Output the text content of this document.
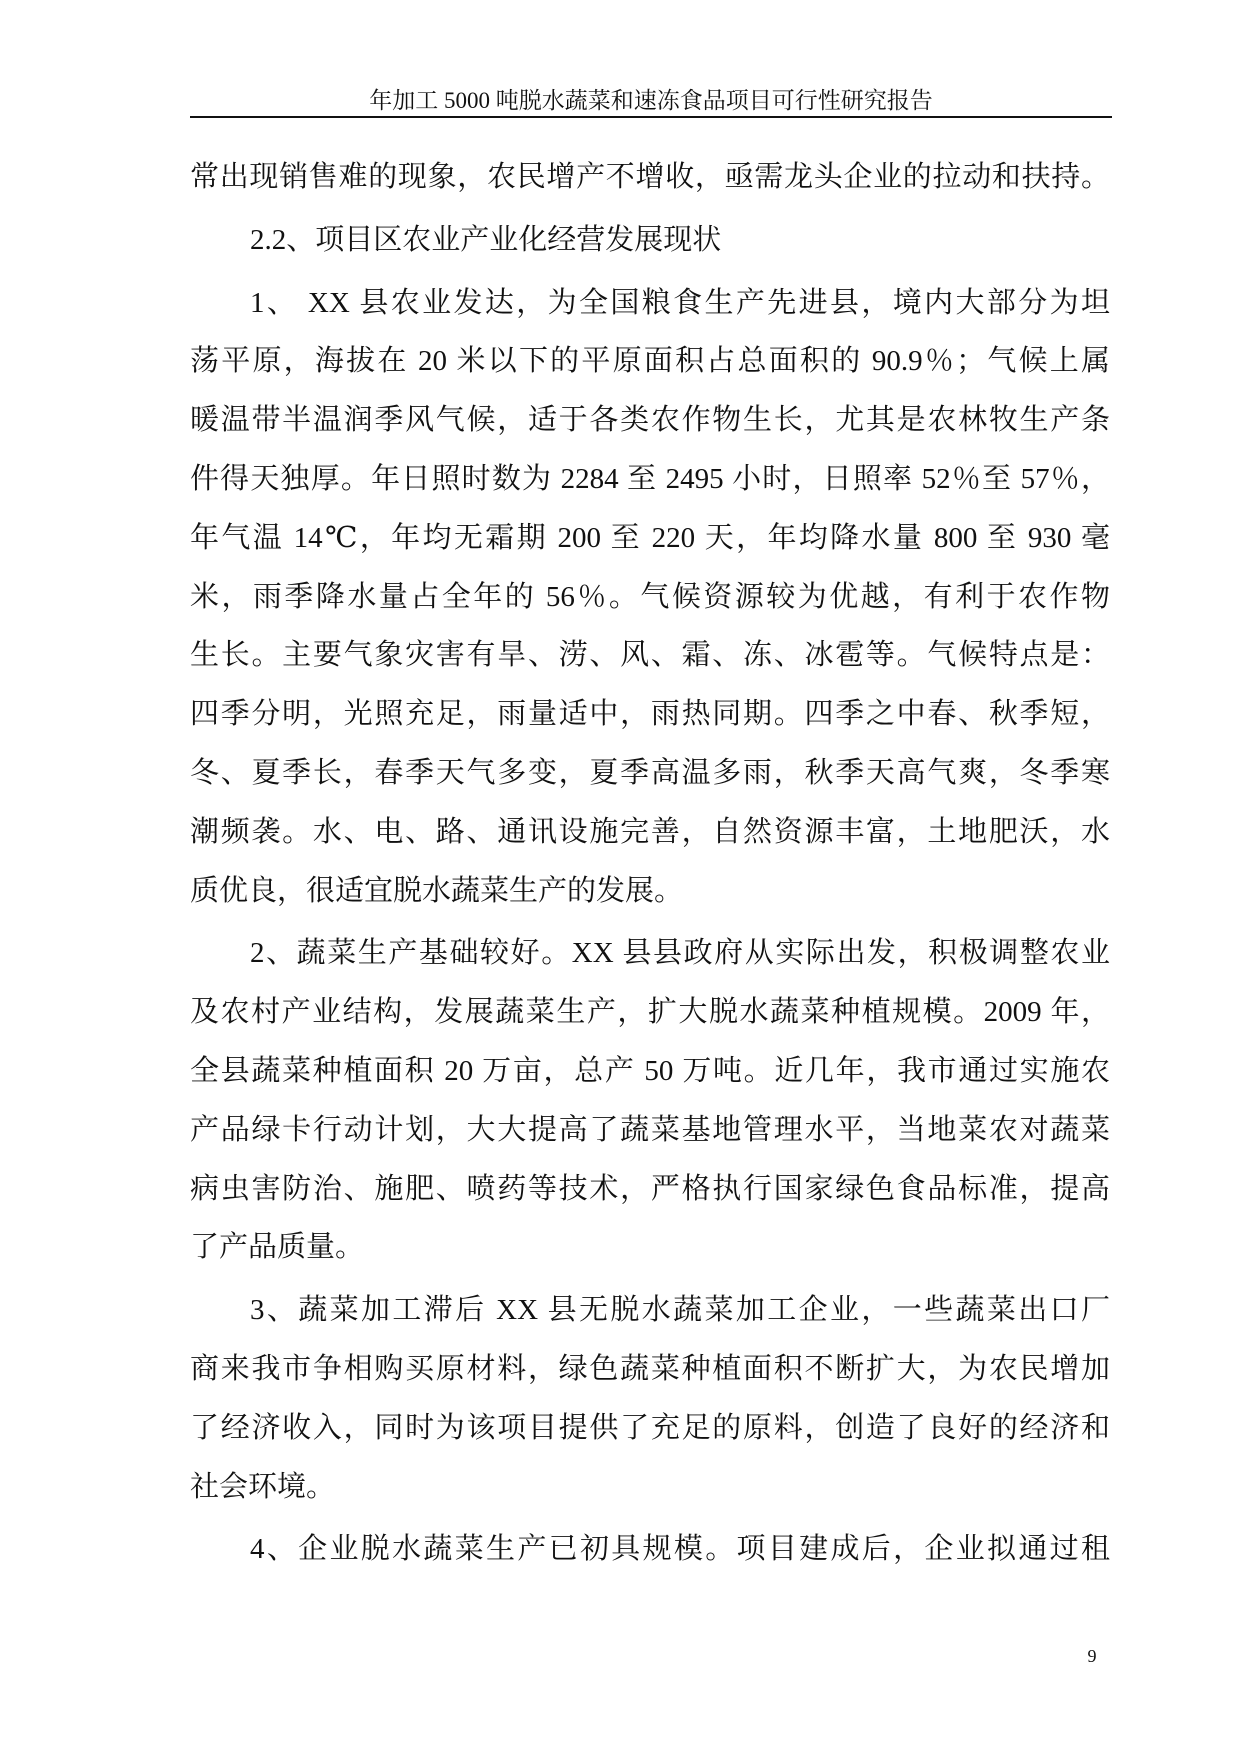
年加工 5000 吨脱水蔬菜和速冻食品项目可行性研究报告
常出现销售难的现象，农民增产不增收，亟需龙头企业的拉动和扶持。
2.2、项目区农业产业化经营发展现状
1、 XX 县农业发达，为全国粮食生产先进县，境内大部分为坦
荡平原，海拔在 20 米以下的平原面积占总面积的 90.9％；气候上属
暖温带半温润季风气候，适于各类农作物生长，尤其是农林牧生产条
件得天独厚。年日照时数为 2284 至 2495 小时，日照率 52％至 57％，
年气温 14℃，年均无霜期 200 至 220 天，年均降水量 800 至 930 毫
米，雨季降水量占全年的 56％。气候资源较为优越，有利于农作物
生长。主要气象灾害有旱、涝、风、霜、冻、冰雹等。气候特点是：
四季分明，光照充足，雨量适中，雨热同期。四季之中春、秋季短，
冬、夏季长，春季天气多变，夏季高温多雨，秋季天高气爽，冬季寒
潮频袭。水、电、路、通讯设施完善，自然资源丰富，土地肥沃，水
质优良，很适宜脱水蔬菜生产的发展。
2、蔬菜生产基础较好。XX 县县政府从实际出发，积极调整农业
及农村产业结构，发展蔬菜生产，扩大脱水蔬菜种植规模。2009 年，
全县蔬菜种植面积 20 万亩，总产 50 万吨。近几年，我市通过实施农
产品绿卡行动计划，大大提高了蔬菜基地管理水平，当地菜农对蔬菜
病虫害防治、施肥、喷药等技术，严格执行国家绿色食品标准，提高
了产品质量。
3、蔬菜加工滞后 XX 县无脱水蔬菜加工企业，一些蔬菜出口厂
商来我市争相购买原材料，绿色蔬菜种植面积不断扩大，为农民增加
了经济收入，同时为该项目提供了充足的原料，创造了良好的经济和
社会环境。
4、企业脱水蔬菜生产已初具规模。项目建成后，企业拟通过租
9
